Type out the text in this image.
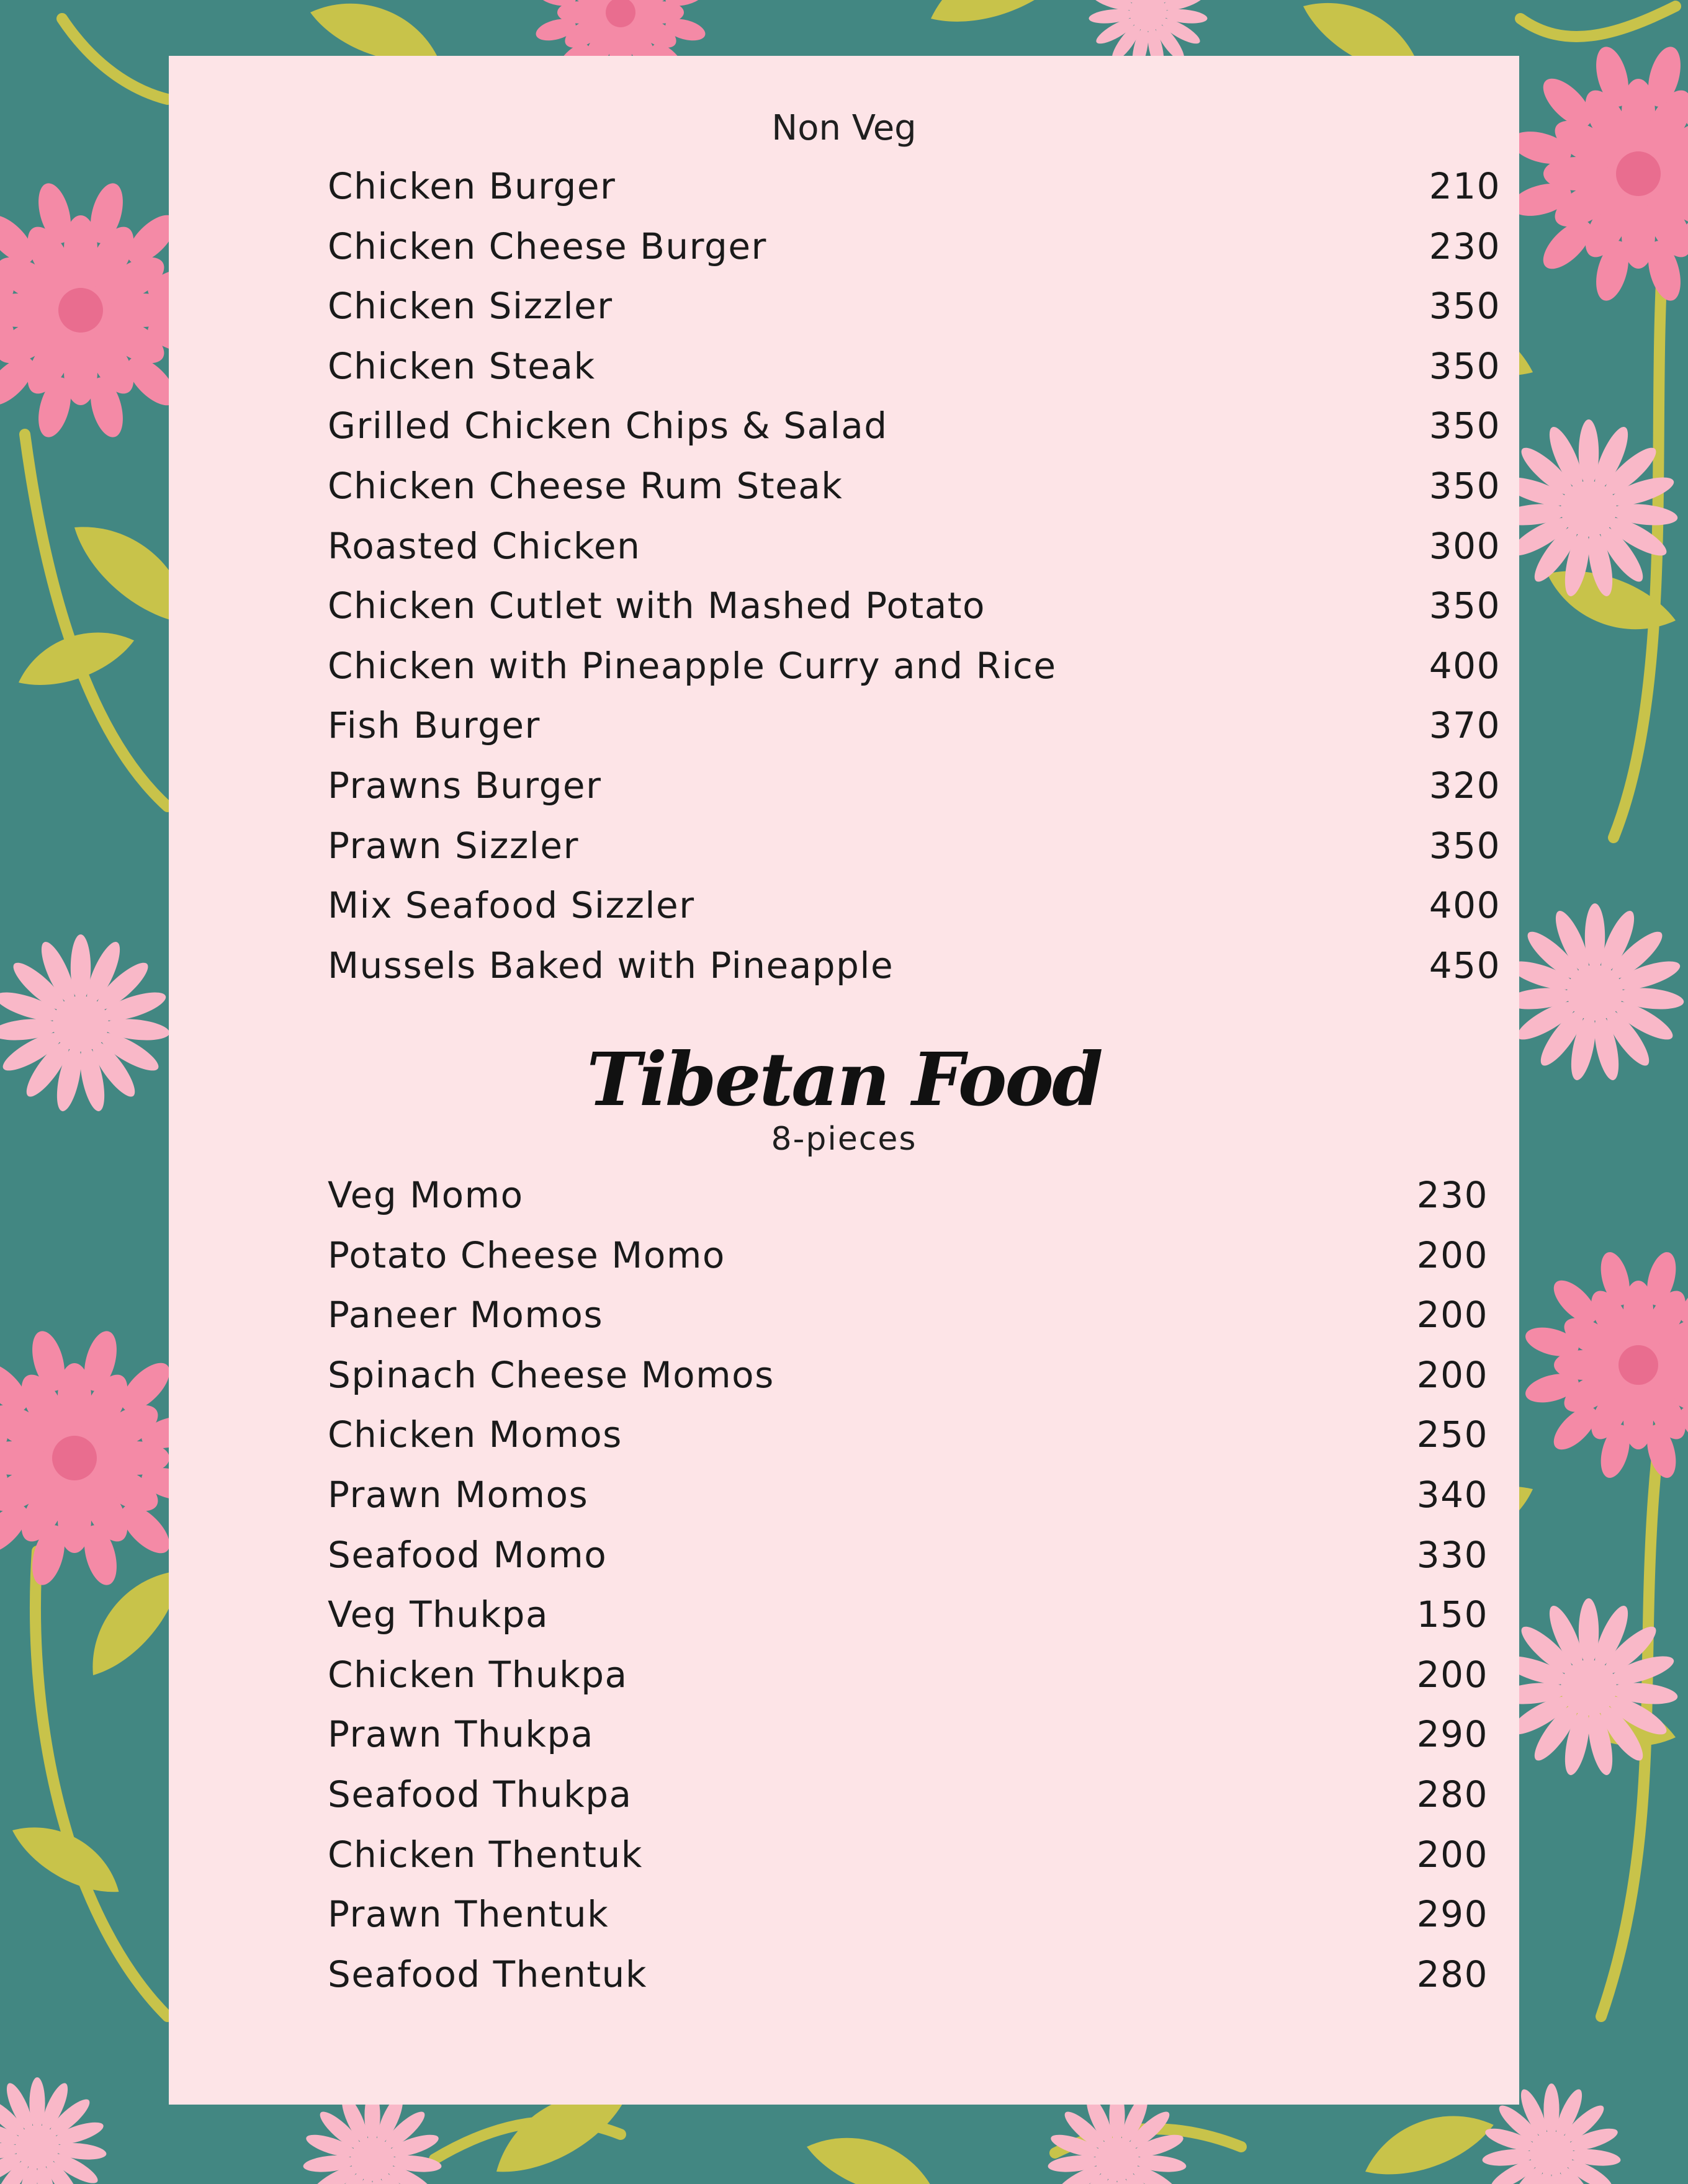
Non Veg
Chicken Burger	210
Chicken Cheese Burger	230
Chicken Sizzler	350
Chicken Steak	350
Grilled Chicken Chips & Salad	350
Chicken Cheese Rum Steak	350
Roasted Chicken	300
Chicken Cutlet with Mashed Potato	350
Chicken with Pineapple Curry and Rice	400
Fish Burger	370
Prawns Burger	320
Prawn Sizzler	350
Mix Seafood Sizzler	400
Mussels Baked with Pineapple	450
Tibetan Food
8-pieces
Veg Momo	230
Potato Cheese Momo	200
Paneer Momos	200
Spinach Cheese Momos	200
Chicken Momos	250
Prawn Momos	340
Seafood Momo	330
Veg Thukpa	150
Chicken Thukpa	200
Prawn Thukpa	290
Seafood Thukpa	280
Chicken Thentuk	200
Prawn Thentuk	290
Seafood Thentuk	280
